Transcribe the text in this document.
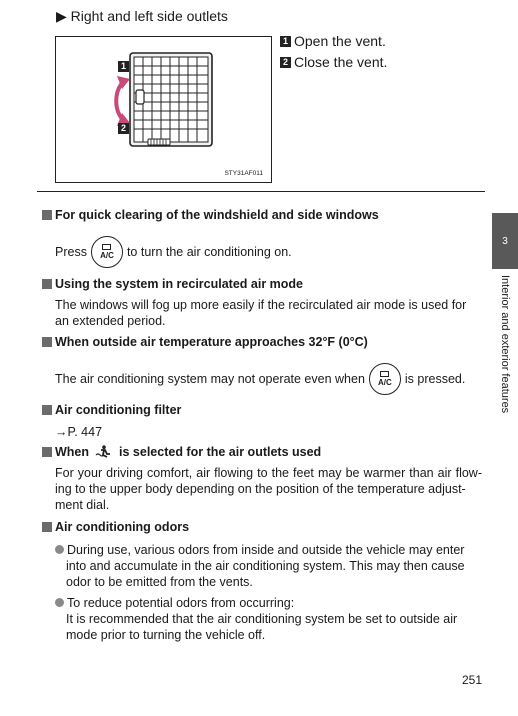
▶ Right and left side outlets
1
2
STY31AF011
1 Open the vent.
2 Close the vent.
For quick clearing of the windshield and side windows
Press A/C to turn the air conditioning on.
Using the system in recirculated air mode
The windows will fog up more easily if the recirculated air mode is used for
an extended period.
When outside air temperature approaches 32°F (0°C)
The air conditioning system may not operate even when A/C is pressed.
Air conditioning filter
→P. 447
When is selected for the air outlets used
For your driving comfort, air flowing to the feet may be warmer than air flow- ing to the upper body depending on the position of the temperature adjust-
ment dial.
Air conditioning odors
During use, various odors from inside and outside the vehicle may enter
into and accumulate in the air conditioning system. This may then cause
odor to be emitted from the vents.
To reduce potential odors from occurring:
It is recommended that the air conditioning system be set to outside air
mode prior to turning the vehicle off.
3
Interior and exterior features
251
